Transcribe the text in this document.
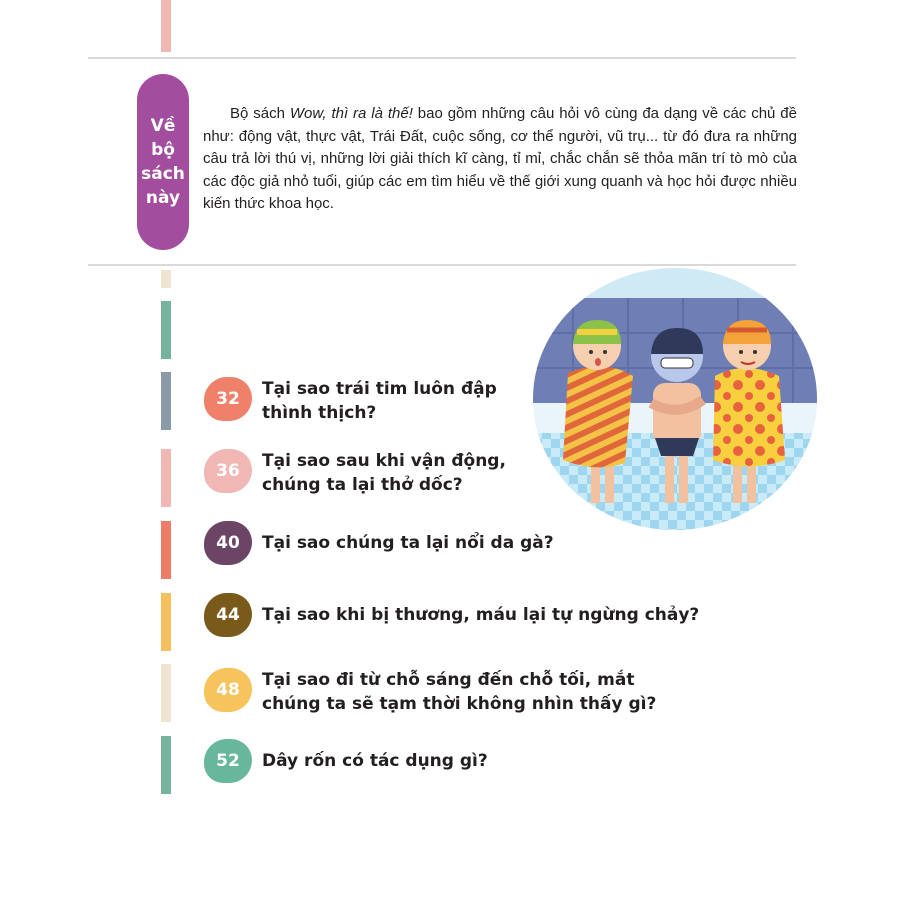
Về
bộ
sách
này
Bộ sách Wow, thì ra là thế! bao gồm những câu hỏi vô cùng đa dạng về các chủ đề như: động vật, thực vật, Trái Đất, cuộc sống, cơ thể người, vũ trụ... từ đó đưa ra những câu trả lời thú vị, những lời giải thích kĩ càng, tỉ mỉ, chắc chắn sẽ thỏa mãn trí tò mò của các độc giả nhỏ tuổi, giúp các em tìm hiểu về thế giới xung quanh và học hỏi được nhiều kiến thức khoa học.
32	Tại sao trái tim luôn đập
thình thịch?
36	Tại sao sau khi vận động,
chúng ta lại thở dốc?
40	Tại sao chúng ta lại nổi da gà?
44	Tại sao khi bị thương, máu lại tự ngừng chảy?
48	Tại sao đi từ chỗ sáng đến chỗ tối, mắt
chúng ta sẽ tạm thời không nhìn thấy gì?
52	Dây rốn có tác dụng gì?
